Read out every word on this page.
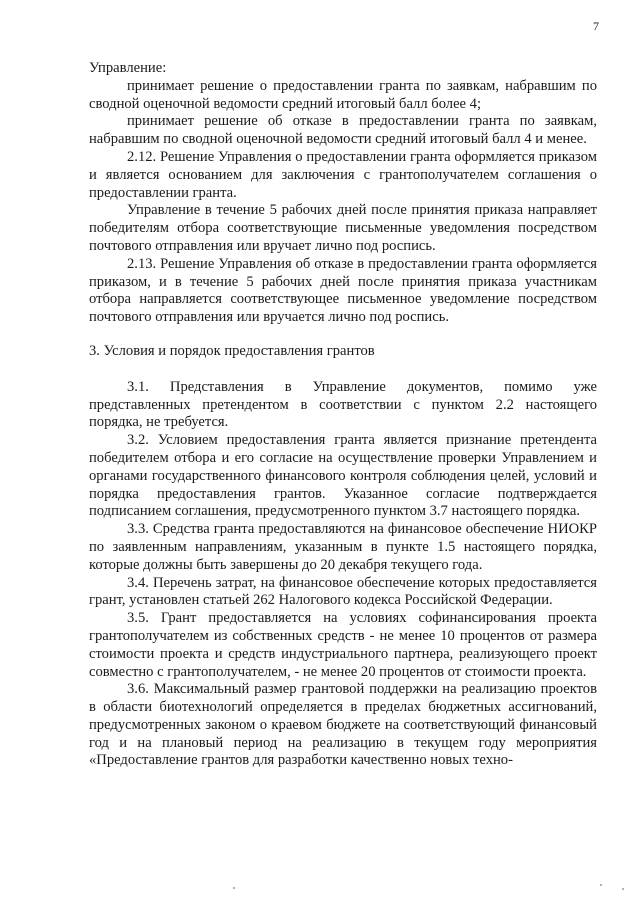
7

Управление:

принимает решение о предоставлении гранта по заявкам, набравшим по сводной оценочной ведомости средний итоговый балл более 4;

принимает решение об отказе в предоставлении гранта по заявкам, набравшим по сводной оценочной ведомости средний итоговый балл 4 и менее.

2.12. Решение Управления о предоставлении гранта оформляется приказом и является основанием для заключения с грантополучателем соглашения о предоставлении гранта.

Управление в течение 5 рабочих дней после принятия приказа направляет победителям отбора соответствующие письменные уведомления посредством почтового отправления или вручает лично под роспись.

2.13. Решение Управления об отказе в предоставлении гранта оформляется приказом, и в течение 5 рабочих дней после принятия приказа участникам отбора направляется соответствующее письменное уведомление посредством почтового отправления или вручается лично под роспись.

3. Условия и порядок предоставления грантов

3.1. Представления в Управление документов, помимо уже представленных претендентом в соответствии с пунктом 2.2 настоящего порядка, не требуется.

3.2. Условием предоставления гранта является признание претендента победителем отбора и его согласие на осуществление проверки Управлением и органами государственного финансового контроля соблюдения целей, условий и порядка предоставления грантов. Указанное согласие подтверждается подписанием соглашения, предусмотренного пунктом 3.7 настоящего порядка.

3.3. Средства гранта предоставляются на финансовое обеспечение НИОКР по заявленным направлениям, указанным в пункте 1.5 настоящего порядка, которые должны быть завершены до 20 декабря текущего года.

3.4. Перечень затрат, на финансовое обеспечение которых предоставляется грант, установлен статьей 262 Налогового кодекса Российской Федерации.

3.5. Грант предоставляется на условиях софинансирования проекта грантополучателем из собственных средств - не менее 10 процентов от размера стоимости проекта и средств индустриального партнера, реализующего проект совместно с грантополучателем, - не менее 20 процентов от стоимости проекта.

3.6. Максимальный размер грантовой поддержки на реализацию проектов в области биотехнологий определяется в пределах бюджетных ассигнований, предусмотренных законом о краевом бюджете на соответствующий финансовый год и на плановый период на реализацию в текущем году мероприятия «Предоставление грантов для разработки качественно новых техно-
